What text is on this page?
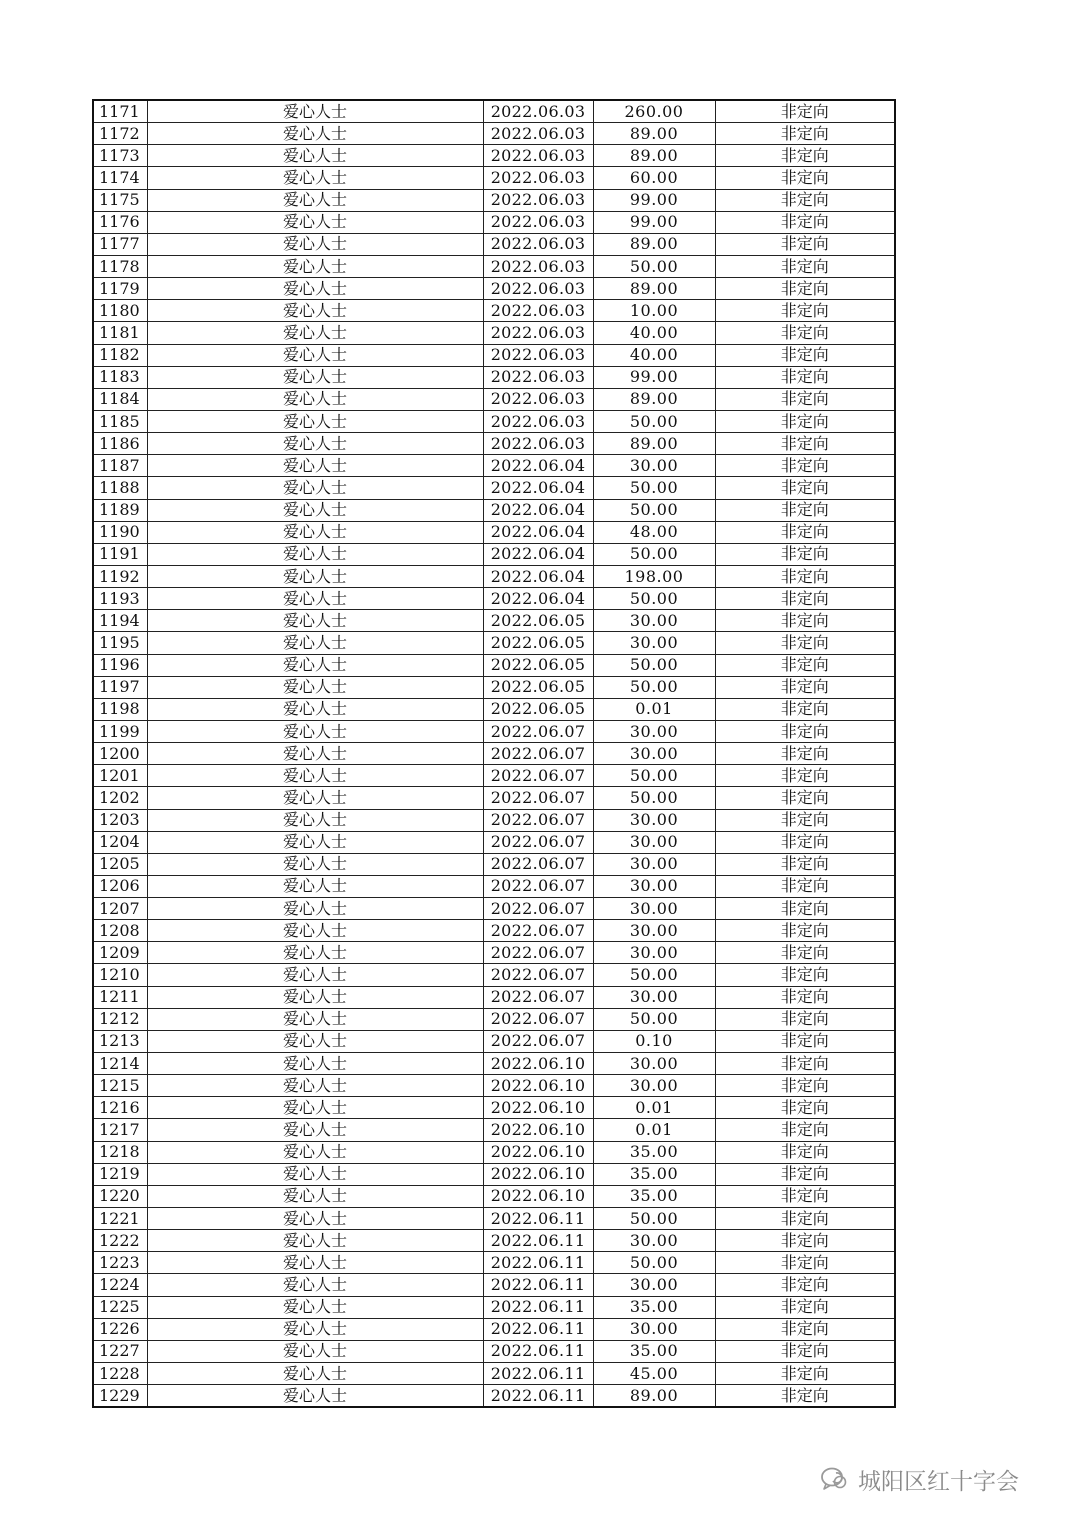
1171	爱心人士	2022.06.03	260.00	非定向
1172	爱心人士	2022.06.03	89.00	非定向
1173	爱心人士	2022.06.03	89.00	非定向
1174	爱心人士	2022.06.03	60.00	非定向
1175	爱心人士	2022.06.03	99.00	非定向
1176	爱心人士	2022.06.03	99.00	非定向
1177	爱心人士	2022.06.03	89.00	非定向
1178	爱心人士	2022.06.03	50.00	非定向
1179	爱心人士	2022.06.03	89.00	非定向
1180	爱心人士	2022.06.03	10.00	非定向
1181	爱心人士	2022.06.03	40.00	非定向
1182	爱心人士	2022.06.03	40.00	非定向
1183	爱心人士	2022.06.03	99.00	非定向
1184	爱心人士	2022.06.03	89.00	非定向
1185	爱心人士	2022.06.03	50.00	非定向
1186	爱心人士	2022.06.03	89.00	非定向
1187	爱心人士	2022.06.04	30.00	非定向
1188	爱心人士	2022.06.04	50.00	非定向
1189	爱心人士	2022.06.04	50.00	非定向
1190	爱心人士	2022.06.04	48.00	非定向
1191	爱心人士	2022.06.04	50.00	非定向
1192	爱心人士	2022.06.04	198.00	非定向
1193	爱心人士	2022.06.04	50.00	非定向
1194	爱心人士	2022.06.05	30.00	非定向
1195	爱心人士	2022.06.05	30.00	非定向
1196	爱心人士	2022.06.05	50.00	非定向
1197	爱心人士	2022.06.05	50.00	非定向
1198	爱心人士	2022.06.05	0.01	非定向
1199	爱心人士	2022.06.07	30.00	非定向
1200	爱心人士	2022.06.07	30.00	非定向
1201	爱心人士	2022.06.07	50.00	非定向
1202	爱心人士	2022.06.07	50.00	非定向
1203	爱心人士	2022.06.07	30.00	非定向
1204	爱心人士	2022.06.07	30.00	非定向
1205	爱心人士	2022.06.07	30.00	非定向
1206	爱心人士	2022.06.07	30.00	非定向
1207	爱心人士	2022.06.07	30.00	非定向
1208	爱心人士	2022.06.07	30.00	非定向
1209	爱心人士	2022.06.07	30.00	非定向
1210	爱心人士	2022.06.07	50.00	非定向
1211	爱心人士	2022.06.07	30.00	非定向
1212	爱心人士	2022.06.07	50.00	非定向
1213	爱心人士	2022.06.07	0.10	非定向
1214	爱心人士	2022.06.10	30.00	非定向
1215	爱心人士	2022.06.10	30.00	非定向
1216	爱心人士	2022.06.10	0.01	非定向
1217	爱心人士	2022.06.10	0.01	非定向
1218	爱心人士	2022.06.10	35.00	非定向
1219	爱心人士	2022.06.10	35.00	非定向
1220	爱心人士	2022.06.10	35.00	非定向
1221	爱心人士	2022.06.11	50.00	非定向
1222	爱心人士	2022.06.11	30.00	非定向
1223	爱心人士	2022.06.11	50.00	非定向
1224	爱心人士	2022.06.11	30.00	非定向
1225	爱心人士	2022.06.11	35.00	非定向
1226	爱心人士	2022.06.11	30.00	非定向
1227	爱心人士	2022.06.11	35.00	非定向
1228	爱心人士	2022.06.11	45.00	非定向
1229	爱心人士	2022.06.11	89.00	非定向
城阳区红十字会
